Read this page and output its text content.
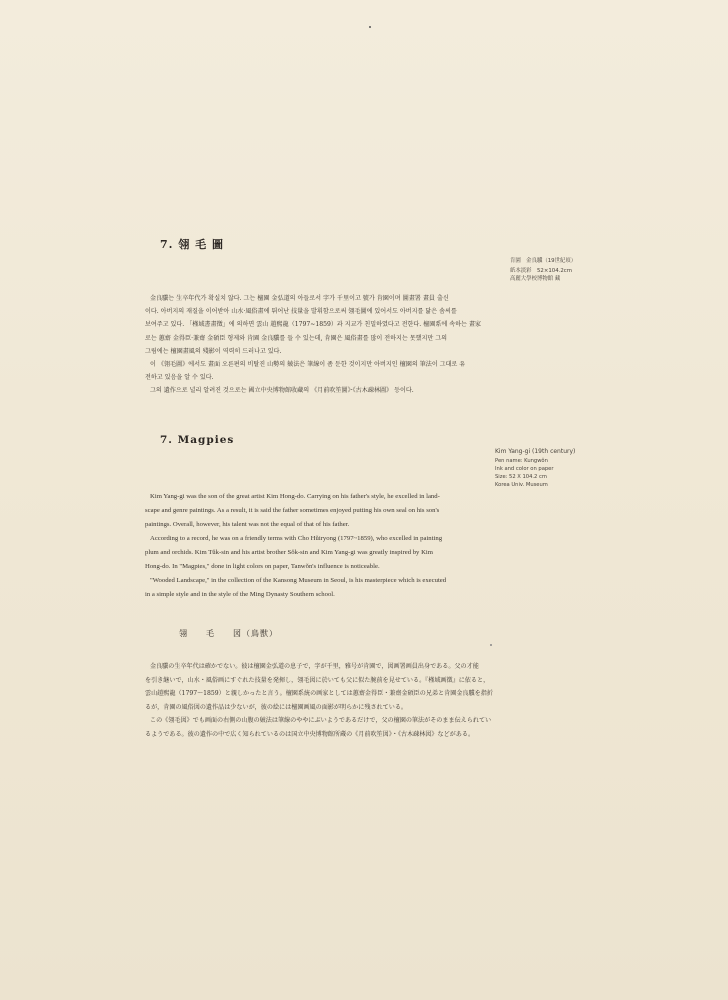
7. 翎 毛 圖
肯園　金良驥（19世紀頃）
紙本淡彩　52×104.2cm
高麗大學校博物館 藏
金良驥는 生卒年代가 확실치 않다. 그는 檀園 金弘道의 아들로서 字가 千里이고 號가 肯園이며 圖畫署 畫員 출신
이다. 아버지의 재질을 이어받아 山水·風俗畫에 뛰어난 技量을 발휘함으로써 翎毛圖에 있어서도 아버지를 닮은 솜씨를
보여주고 있다. 「槿域書畫徵」에 의하면 雲山 趙熙龍（1797~1859）과 지교가 친밀하였다고 전한다. 檀園系에 속하는 畫家
로는 蕙齋 金得臣·兼齋 金碩臣 형제와 肯園 金良驥를 들 수 있는데, 肯園은 風俗畫를 많이 전하지는 못했지만 그의
그림에는 檀園畫風의 殘影이 역력히 드러나고 있다.
이 《翎毛圖》에서도 畫面 오른편의 비탈진 山勢의 皴法은 筆線이 좀 둔한 것이지만 아버지인 檀園의 筆法이 그대로 유
전하고 있음을 알 수 있다.
그의 遺作으로 널리 알려진 것으로는 國立中央博物館收藏의 《月前吹笙圖》·《古木疎林圖》 등이다.
7. Magpies
Kim Yang-gi (19th century)
Pen name: Kungwŏn
Ink and color on paper
Size: 52 X 104.2 cm
Korea Univ. Museum
Kim Yang-gi was the son of the great artist Kim Hong-do. Carrying on his father's style, he excelled in land-
scape and genre paintings. As a result, it is said the father sometimes enjoyed putting his own seal on his son's
paintings. Overall, however, his talent was not the equal of that of his father.
According to a record, he was on a friendly terms with Cho Hŭiryong (1797~1859), who excelled in painting
plum and orchids. Kim Tŭk-sin and his artist brother Sŏk-sin and Kim Yang-gi was greatly inspired by Kim
Hong-do. In "Magpies," done in light colors on paper, Tanwŏn's influence is noticeable.
"Wooded Landscape," in the collection of the Kansong Museum in Seoul, is his masterpiece which is executed
in a simple style and in the style of the Ming Dynasty Southern school.
翎　　毛　　図（鳥獣）
金良驥の生卒年代は確かでない。彼は檀園金弘道の息子で，字が千里，雅号が肯園で，図画署画員出身である。父の才能
を引き継いで，山水・風俗画にすぐれた技量を発揮し，翎毛図に於いても父に似た腕前を見せている。『槿域画徴』に依ると，
雲山趙熙龍（1797～1859）と親しかったと言う。檀園系統の画家としては蕙齋金得臣・兼齋金碩臣の兄弟と肯園金良驥を指折
るが，肯園の風俗図の遺作品は少ないが，彼の絵には檀園画風の面影が明らかに残されている。
この《翎毛図》でも画面の右側の山腹の皴法は筆線のややにぶいようであるだけで，父の檀園の筆法がそのまま伝えられてい
るようである。彼の遺作の中で広く知られているのは国立中央博物館所蔵の《月前吹笙図》・《古木疎林図》などがある。
